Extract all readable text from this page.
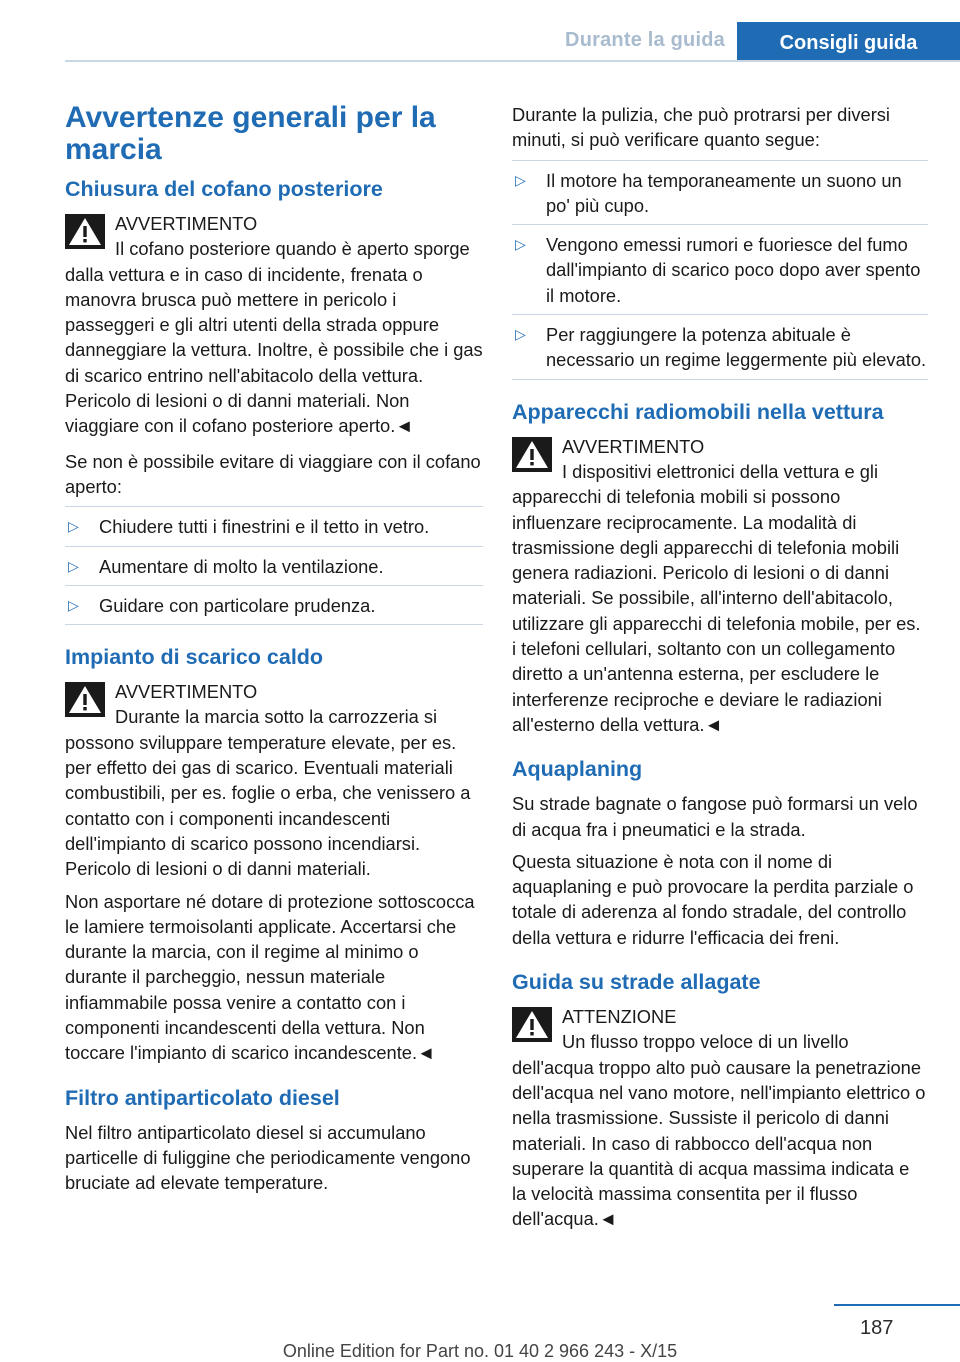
Durante la guida	Consigli guida
Avvertenze generali per la marcia
Chiusura del cofano posteriore
AVVERTIMENTO
Il cofano posteriore quando è aperto sporge dalla vettura e in caso di incidente, frenata o manovra brusca può mettere in pericolo i passeggeri e gli altri utenti della strada oppure danneggiare la vettura. Inoltre, è possibile che i gas di scarico entrino nell'abitacolo della vettura. Pericolo di lesioni o di danni materiali. Non viaggiare con il cofano posteriore aperto.◄

Se non è possibile evitare di viaggiare con il cofano aperto:

▷ Chiudere tutti i finestrini e il tetto in vetro.
▷ Aumentare di molto la ventilazione.
▷ Guidare con particolare prudenza.
Impianto di scarico caldo
AVVERTIMENTO
Durante la marcia sotto la carrozzeria si possono sviluppare temperature elevate, per es. per effetto dei gas di scarico. Eventuali materiali combustibili, per es. foglie o erba, che venissero a contatto con i componenti incandescenti dell'impianto di scarico possono incendiarsi. Pericolo di lesioni o di danni materiali.

Non asportare né dotare di protezione sottoscocca le lamiere termoisolanti applicate. Accertarsi che durante la marcia, con il regime al minimo o durante il parcheggio, nessun materiale infiammabile possa venire a contatto con i componenti incandescenti della vettura. Non toccare l'impianto di scarico incandescente.◄

Filtro antiparticolato diesel

Nel filtro antiparticolato diesel si accumulano particelle di fuliggine che periodicamente vengono bruciate ad elevate temperature.

Durante la pulizia, che può protrarsi per diversi minuti, si può verificare quanto segue:

▷ Il motore ha temporaneamente un suono un po' più cupo.
▷ Vengono emessi rumori e fuoriesce del fumo dall'impianto di scarico poco dopo aver spento il motore.
▷ Per raggiungere la potenza abituale è necessario un regime leggermente più elevato.
Apparecchi radiomobili nella vettura
AVVERTIMENTO
I dispositivi elettronici della vettura e gli apparecchi di telefonia mobili si possono influenzare reciprocamente. La modalità di trasmissione degli apparecchi di telefonia mobili genera radiazioni. Pericolo di lesioni o di danni materiali. Se possibile, all'interno dell'abitacolo, utilizzare gli apparecchi di telefonia mobile, per es. i telefoni cellulari, soltanto con un collegamento diretto a un'antenna esterna, per escludere le interferenze reciproche e deviare le radiazioni all'esterno della vettura.◄
Aquaplaning

Su strade bagnate o fangose può formarsi un velo di acqua fra i pneumatici e la strada.

Questa situazione è nota con il nome di aquaplaning e può provocare la perdita parziale o totale di aderenza al fondo stradale, del controllo della vettura e ridurre l'efficacia dei freni.

Guida su strade allagate
ATTENZIONE
Un flusso troppo veloce di un livello dell'acqua troppo alto può causare la penetrazione dell'acqua nel vano motore, nell'impianto elettrico o nella trasmissione. Sussiste il pericolo di danni materiali. In caso di rabbocco dell'acqua non superare la quantità di acqua massima indicata e la velocità massima consentita per il flusso dell'acqua.◄
187
Online Edition for Part no. 01 40 2 966 243 - X/15
